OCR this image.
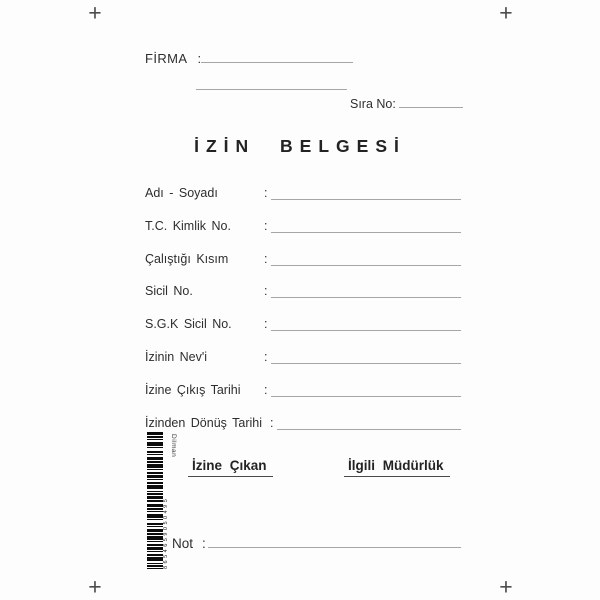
+	+
+	+
FİRMA :
Sıra No:
İZİN BELGESİ
Adı - Soyadı	:
T.C. Kimlik No.	:
Çalıştığı Kısım	:
Sicil No.	:
S.G.K Sicil No.	:
İzinin Nev'i	:
İzine Çıkış Tarihi :
İzinden Dönüş Tarihi :
8654659050495
Dilman
İzine Çıkan	İlgili Müdürlük
Not :
